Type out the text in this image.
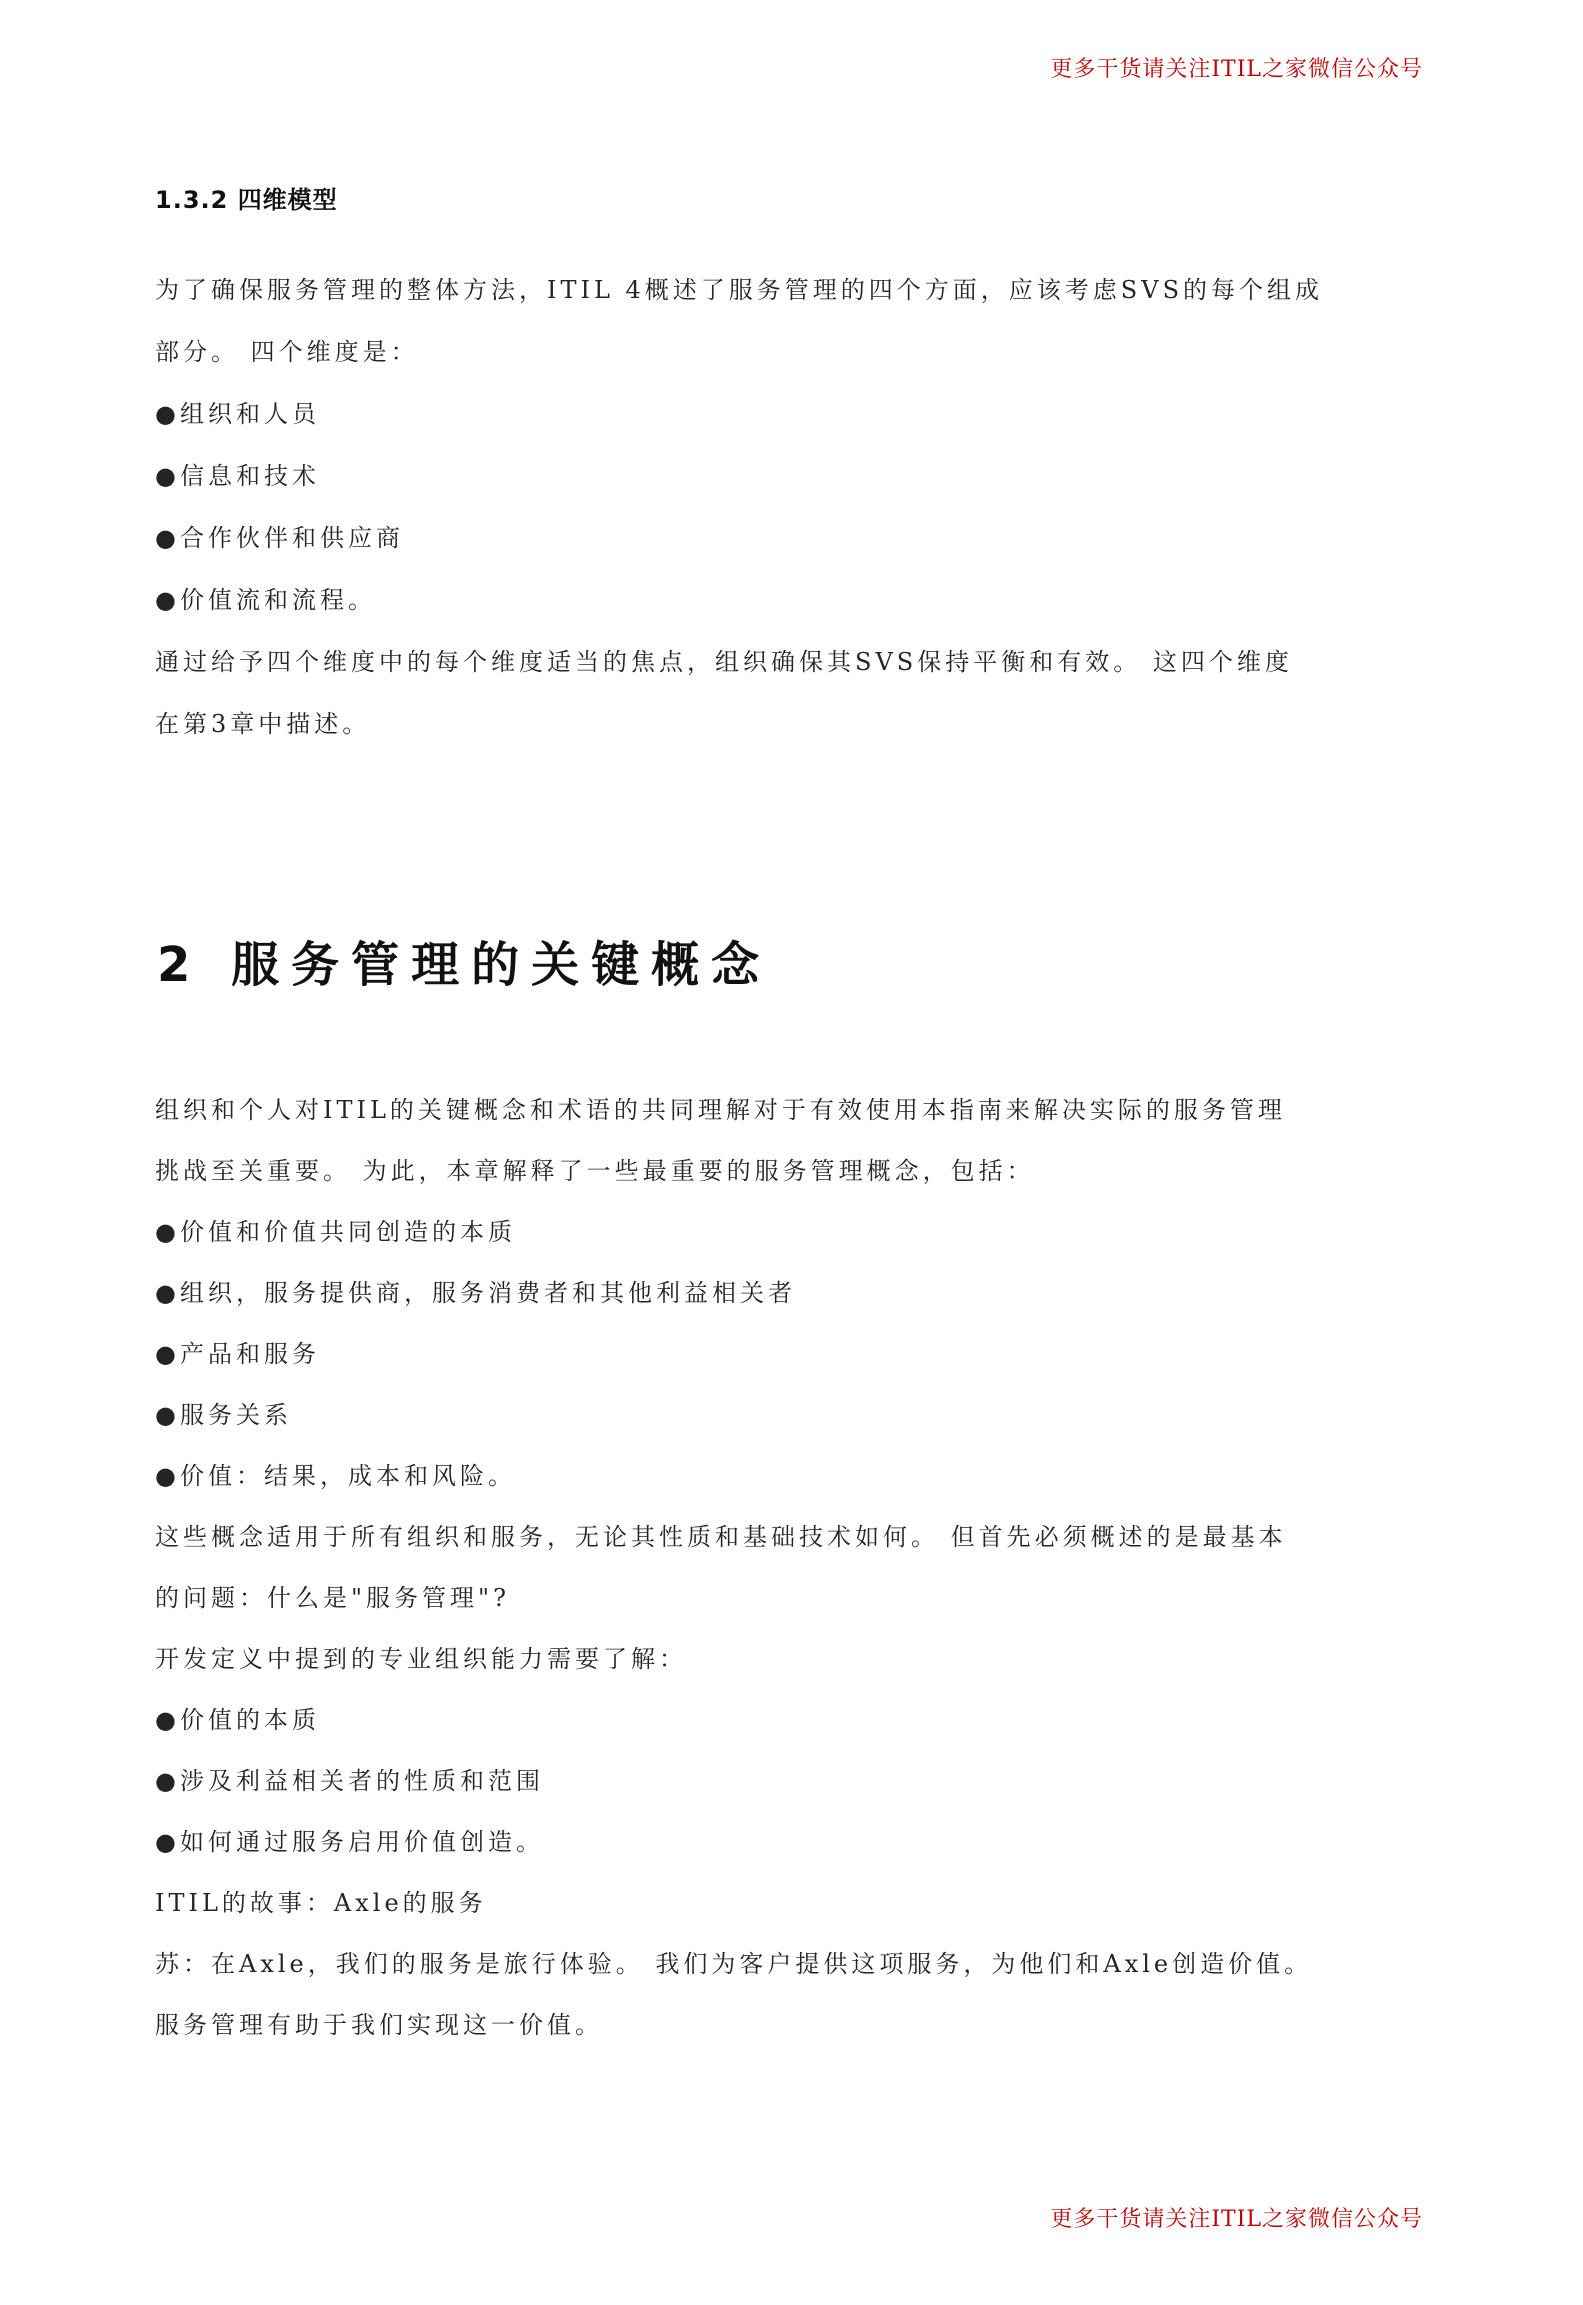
更多干货请关注ITIL之家微信公众号
1.3.2 四维模型

为了确保服务管理的整体方法，ITIL 4概述了服务管理的四个方面，应该考虑SVS的每个组成

部分。 四个维度是：

●组织和人员

●信息和技术

●合作伙伴和供应商

●价值流和流程。

通过给予四个维度中的每个维度适当的焦点，组织确保其SVS保持平衡和有效。 这四个维度

在第3章中描述。

2 服务管理的关键概念

组织和个人对ITIL的关键概念和术语的共同理解对于有效使用本指南来解决实际的服务管理

挑战至关重要。 为此，本章解释了一些最重要的服务管理概念，包括：

●价值和价值共同创造的本质

●组织，服务提供商，服务消费者和其他利益相关者

●产品和服务

●服务关系

●价值：结果，成本和风险。

这些概念适用于所有组织和服务，无论其性质和基础技术如何。 但首先必须概述的是最基本

的问题：什么是"服务管理"?

开发定义中提到的专业组织能力需要了解：

●价值的本质

●涉及利益相关者的性质和范围

●如何通过服务启用价值创造。

ITIL的故事：Axle的服务

苏：在Axle，我们的服务是旅行体验。 我们为客户提供这项服务，为他们和Axle创造价值。

服务管理有助于我们实现这一价值。

更多干货请关注ITIL之家微信公众号
